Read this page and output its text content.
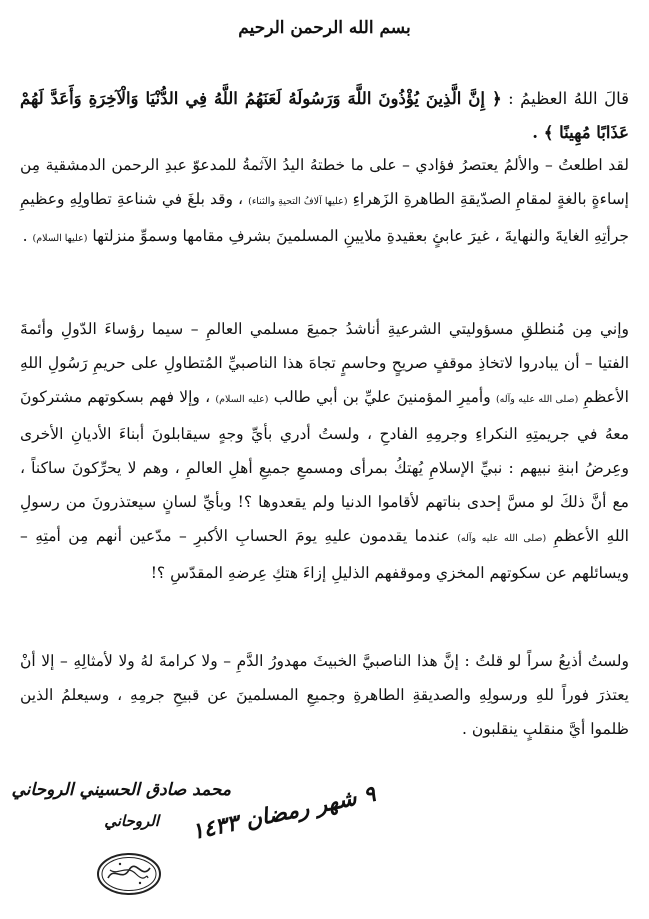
بسم الله الرحمن الرحيم
قالَ اللهُ العظيمُ : ﴿ إِنَّ الَّذِينَ يُؤْذُونَ اللَّهَ وَرَسُولَهُ لَعَنَهُمُ اللَّهُ فِي الدُّنْيَا وَالْآخِرَةِ وَأَعَدَّ لَهُمْ عَذَابًا مُهِينًا ﴾ .
لقد اطلعتُ – والألمُ يعتصرُ فؤادي – على ما خطتهُ اليدُ الآثمةُ للمدعوّ عبدِ الرحمن الدمشقية مِن إساءةٍ بالغةٍ لمقامِ الصدّيقةِ الطاهرةِ الزَهراءِ (عليها آلافُ التحيةِ والثناء) ، وقد بلغَ في شناعةِ تطاولِهِ وعظيمِ جرأتِهِ الغايةَ والنهايةَ ، غيرَ عابئٍ بعقيدةِ ملايينِ المسلمينَ بشرفِ مقامها وسموِّ منزلتها (عليها السلام) .
وإني مِن مُنطلقِ مسؤوليتي الشرعيةِ أناشدُ جميعَ مسلمي العالمِ – سيما رؤساءَ الدّولِ وأئمةَ الفتيا – أن يبادروا لاتخاذِ موقفٍ صريحٍ وحاسمٍ تجاهَ هذا الناصبيِّ المُتطاولِ على حريمِ رَسُولِ اللهِ الأعظمِ (صلى الله عليه وآله) وأميرِ المؤمنينَ عليِّ بن أبي طالب (عليه السلام) ، وإلا فهم بسكوتهم مشتركونَ معهُ في جريمتِهِ النكراءِ وجرمِهِ الفادحِ ، ولستُ أدري بأيِّ وجهٍ سيقابلونَ أبناءَ الأديانِ الأخرى وعِرضُ ابنةِ نبيهم : نبيِّ الإسلامِ يُهتكُ بمرأى ومسمعِ جميعِ أهلِ العالمِ ، وهم لا يحرِّكونَ ساكناً ، مع أنَّ ذلكَ لو مسَّ إحدى بناتهم لأقاموا الدنيا ولم يقعدوها ؟! وبأيِّ لسانٍ سيعتذرونَ من رسولِ اللهِ الأعظمِ (صلى الله عليه وآله) عندما يقدمون عليهِ يومَ الحسابِ الأكبرِ – مدّعين أنهم مِن أمتِهِ – ويسائلهم عن سكوتهم المخزي وموقفهم الذليلِ إزاءَ هتكِ عِرضهِ المقدّسِ ؟!
ولستُ أذيعُ سراً لو قلتُ : إنَّ هذا الناصبيَّ الخبيثَ مهدورُ الدَّمِ – ولا كرامةَ لهُ ولا لأمثالِهِ – إلا أنْ يعتذرَ فوراً للهِ ورسولِهِ والصديقةِ الطاهرةِ وجميعِ المسلمينَ عن قبيحِ جرمِهِ ، وسيعلمُ الذين ظلموا أيَّ منقلبٍ ينقلبون .
محمد صادق الحسيني الروحاني
الروحاني ٩ شهر رمضان ١٤٣٣
